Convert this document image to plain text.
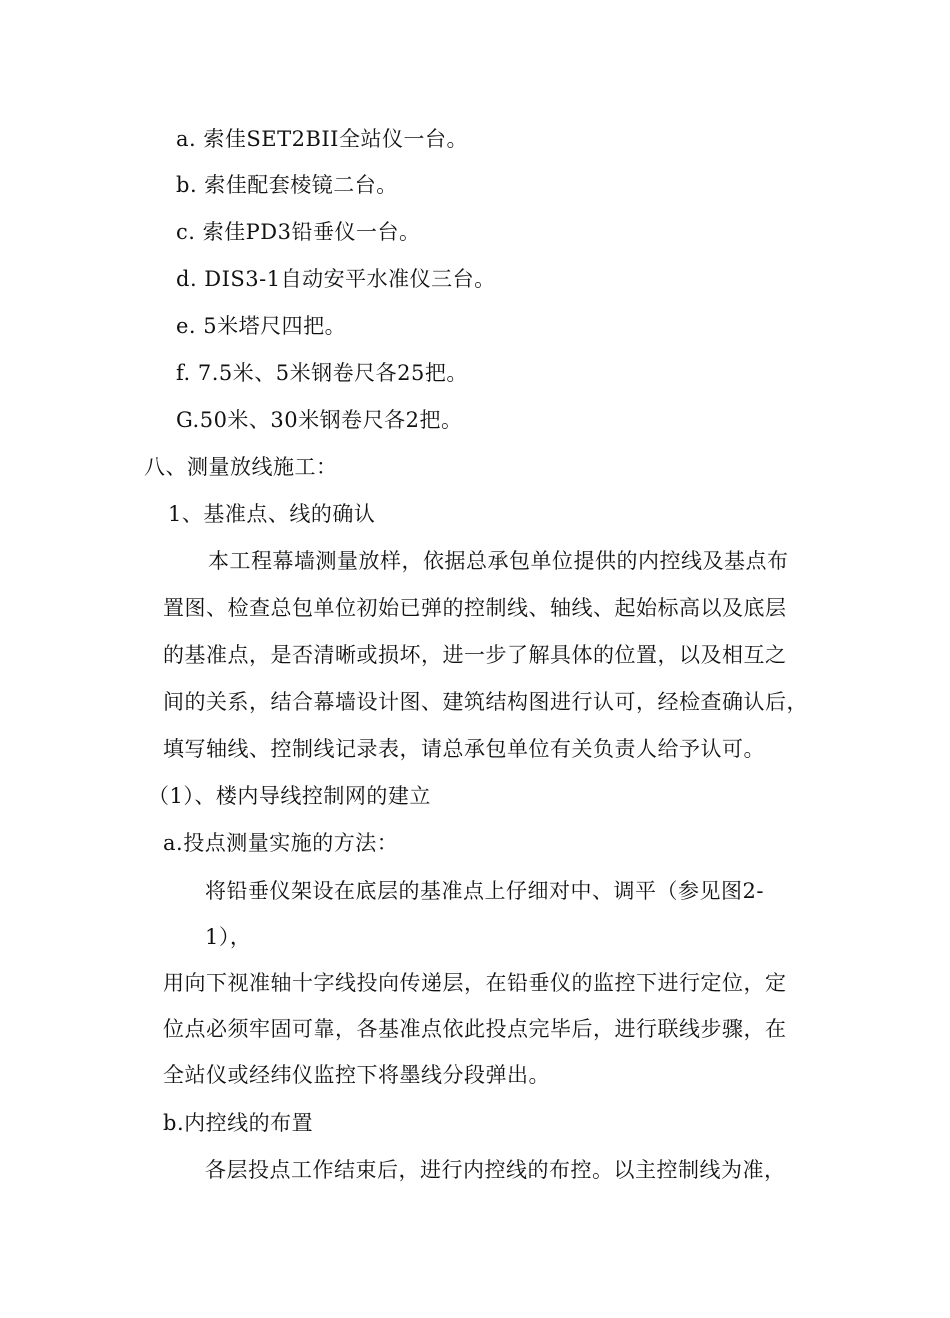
a. 索佳SET2BII全站仪一台。
b. 索佳配套棱镜二台。
c. 索佳PD3铅垂仪一台。
d. DIS3-1自动安平水准仪三台。
e. 5米塔尺四把。
f. 7.5米、5米钢卷尺各25把。
G.50米、30米钢卷尺各2把。
八、测量放线施工：
1、基准点、线的确认
本工程幕墙测量放样，依据总承包单位提供的内控线及基点布
置图、检查总包单位初始已弹的控制线、轴线、起始标高以及底层
的基准点，是否清晰或损坏，进一步了解具体的位置，以及相互之
间的关系，结合幕墙设计图、建筑结构图进行认可，经检查确认后，
填写轴线、控制线记录表，请总承包单位有关负责人给予认可。
（1）、楼内导线控制网的建立
a.投点测量实施的方法：
将铅垂仪架设在底层的基准点上仔细对中、调平（参见图2-
1），
用向下视准轴十字线投向传递层，在铅垂仪的监控下进行定位，定
位点必须牢固可靠，各基准点依此投点完毕后，进行联线步骤，在
全站仪或经纬仪监控下将墨线分段弹出。
b.内控线的布置
各层投点工作结束后，进行内控线的布控。以主控制线为准，
